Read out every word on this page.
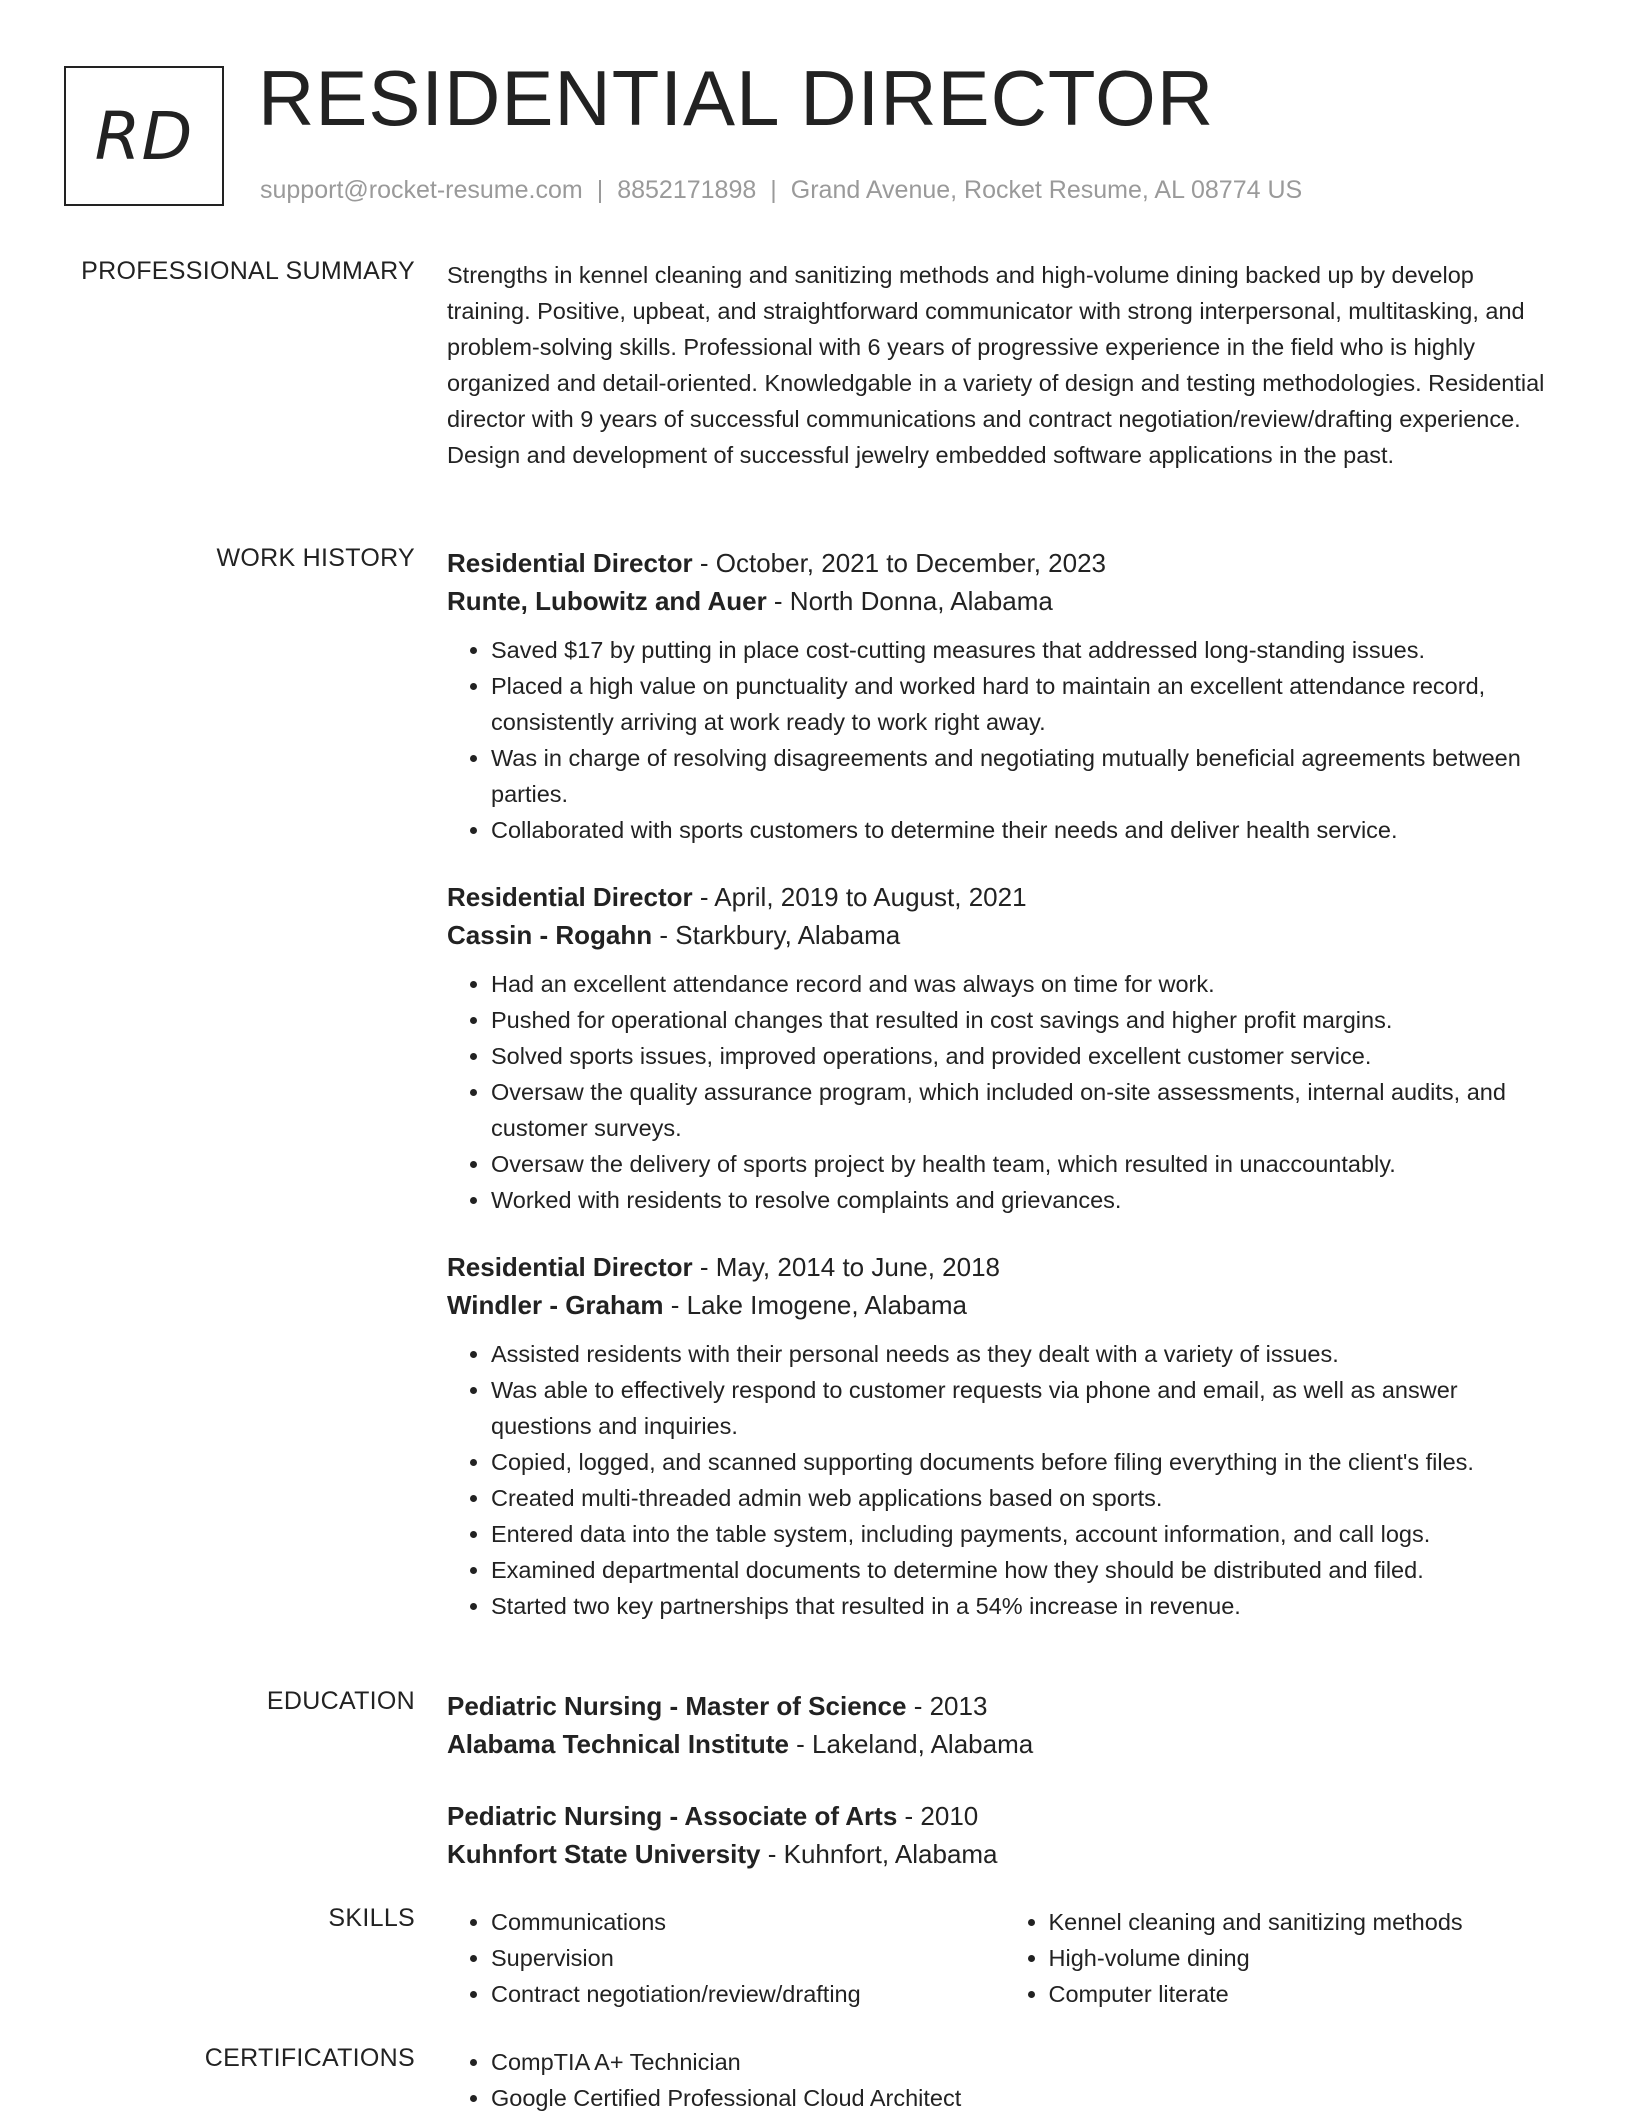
RD RESIDENTIAL DIRECTOR
support@rocket-resume.com | 8852171898 | Grand Avenue, Rocket Resume, AL 08774 US
PROFESSIONAL SUMMARY Strengths in kennel cleaning and sanitizing methods and high-volume dining backed up by develop training. Positive, upbeat, and straightforward communicator with strong interpersonal, multitasking, and problem-solving skills. Professional with 6 years of progressive experience in the field who is highly organized and detail-oriented. Knowledgable in a variety of design and testing methodologies. Residential director with 9 years of successful communications and contract negotiation/review/drafting experience. Design and development of successful jewelry embedded software applications in the past.

WORK HISTORY Residential Director - October, 2021 to December, 2023
Runte, Lubowitz and Auer - North Donna, Alabama
• Saved $17 by putting in place cost-cutting measures that addressed long-standing issues.
• Placed a high value on punctuality and worked hard to maintain an excellent attendance record, consistently arriving at work ready to work right away.
• Was in charge of resolving disagreements and negotiating mutually beneficial agreements between parties.
• Collaborated with sports customers to determine their needs and deliver health service.
Residential Director - April, 2019 to August, 2021
Cassin - Rogahn - Starkbury, Alabama
• Had an excellent attendance record and was always on time for work.
• Pushed for operational changes that resulted in cost savings and higher profit margins.
• Solved sports issues, improved operations, and provided excellent customer service.
• Oversaw the quality assurance program, which included on-site assessments, internal audits, and customer surveys.
• Oversaw the delivery of sports project by health team, which resulted in unaccountably.
• Worked with residents to resolve complaints and grievances.
Residential Director - May, 2014 to June, 2018
Windler - Graham - Lake Imogene, Alabama
• Assisted residents with their personal needs as they dealt with a variety of issues.
• Was able to effectively respond to customer requests via phone and email, as well as answer questions and inquiries.
• Copied, logged, and scanned supporting documents before filing everything in the client's files.
• Created multi-threaded admin web applications based on sports.
• Entered data into the table system, including payments, account information, and call logs.
• Examined departmental documents to determine how they should be distributed and filed.
• Started two key partnerships that resulted in a 54% increase in revenue.
EDUCATION Pediatric Nursing - Master of Science - 2013
Alabama Technical Institute - Lakeland, Alabama
Pediatric Nursing - Associate of Arts - 2010
Kuhnfort State University - Kuhnfort, Alabama
SKILLS	• Communications
• Supervision
• Contract negotiation/review/drafting
• Kennel cleaning and sanitizing methods
• High-volume dining
• Computer literate
CERTIFICATIONS	• CompTIA A+ Technician
• Google Certified Professional Cloud Architect
